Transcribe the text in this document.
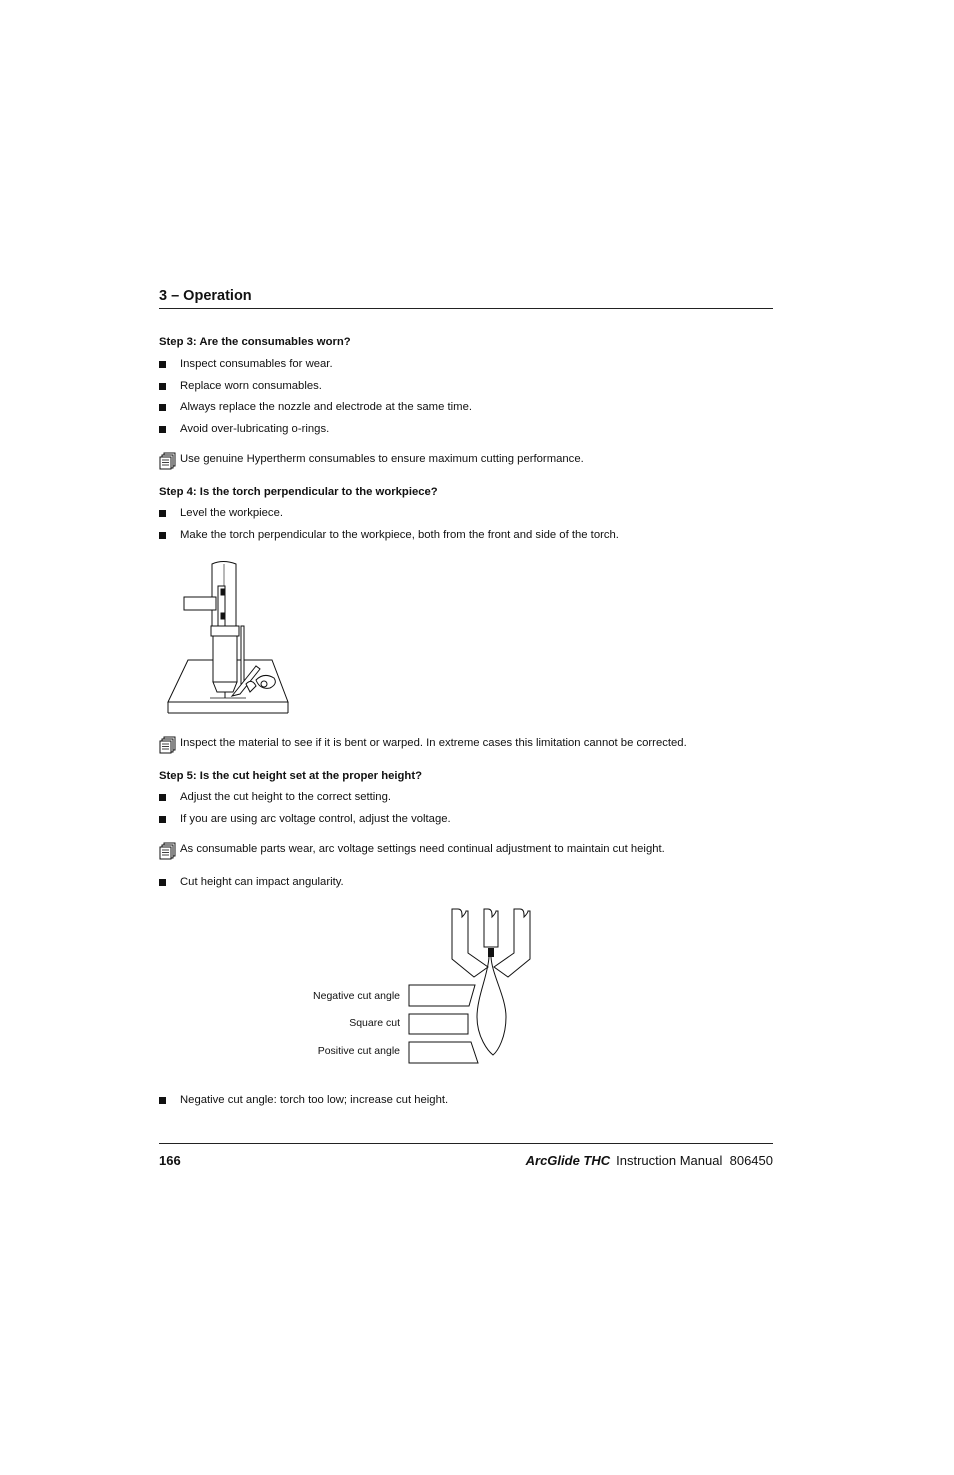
3 – Operation
Step 3: Are the consumables worn?
Inspect consumables for wear.
Replace worn consumables.
Always replace the nozzle and electrode at the same time.
Avoid over-lubricating o-rings.
Use genuine Hypertherm consumables to ensure maximum cutting performance.
Step 4: Is the torch perpendicular to the workpiece?
Level the workpiece.
Make the torch perpendicular to the workpiece, both from the front and side of the torch.
Inspect the material to see if it is bent or warped. In extreme cases this limitation cannot be corrected.
Step 5: Is the cut height set at the proper height?
Adjust the cut height to the correct setting.
If you are using arc voltage control, adjust the voltage.
As consumable parts wear, arc voltage settings need continual adjustment to maintain cut height.
Cut height can impact angularity.
Negative cut angle
Square cut
Positive cut angle
Negative cut angle: torch too low; increase cut height.
166	ArcGlide THC Instruction Manual 806450
